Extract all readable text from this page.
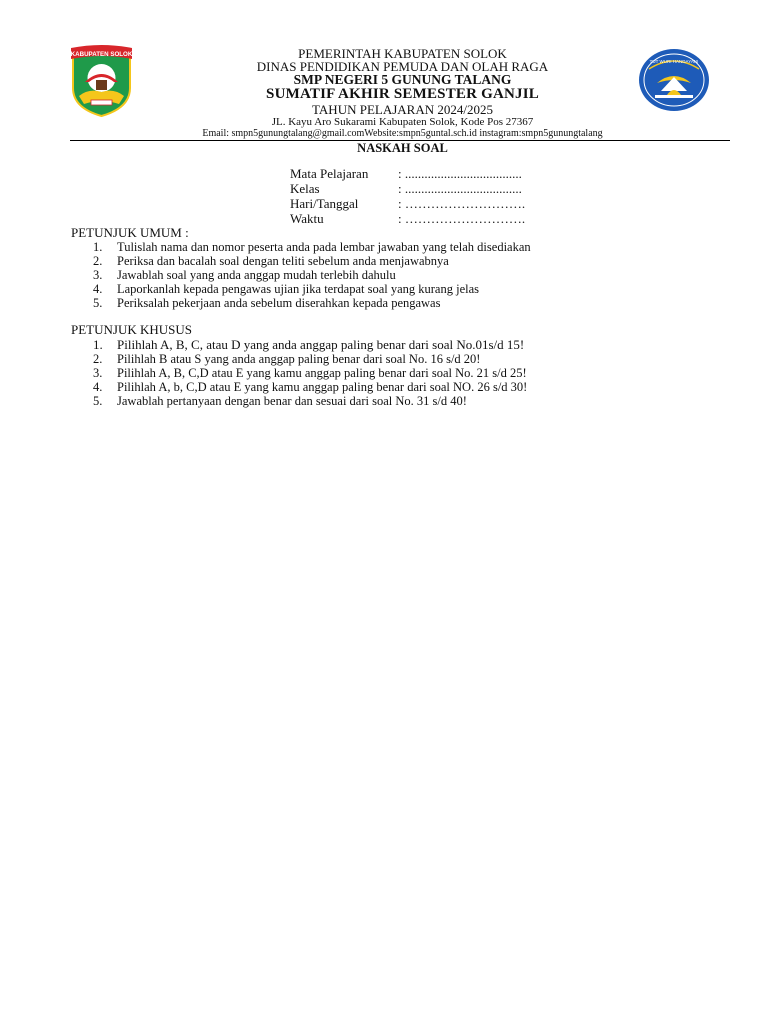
KABUPATEN SOLOK
TUT WURI HANDAYANI
PEMERINTAH KABUPATEN SOLOK
DINAS PENDIDIKAN PEMUDA DAN OLAH RAGA
SMP NEGERI 5 GUNUNG TALANG
SUMATIF AKHIR SEMESTER GANJIL
TAHUN PELAJARAN 2024/2025
JL. Kayu Aro Sukarami Kabupaten Solok, Kode Pos 27367
Email: smpn5gunungtalang@gmail.comWebsite:smpn5guntal.sch.id instagram:smpn5gunungtalang
NASKAH SOAL
Mata Pelajaran : ....................................
Kelas	: ....................................
Hari/Tanggal	: ……………………….
Waktu	: ……………………….
PETUNJUK UMUM :
1. Tulislah nama dan nomor peserta anda pada lembar jawaban yang telah disediakan
2. Periksa dan bacalah soal dengan teliti sebelum anda menjawabnya
3. Jawablah soal yang anda anggap mudah terlebih dahulu
4. Laporkanlah kepada pengawas ujian jika terdapat soal yang kurang jelas
5. Periksalah pekerjaan anda sebelum diserahkan kepada pengawas
PETUNJUK KHUSUS
1. Pilihlah A, B, C, atau D yang anda anggap paling benar dari soal No.01s/d 15!
2. Pilihlah B atau S yang anda anggap paling benar dari soal No. 16 s/d 20!
3. Pilihlah A, B, C,D atau E yang kamu anggap paling benar dari soal No. 21 s/d 25!
4. Pilihlah A, b, C,D atau E yang kamu anggap paling benar dari soal NO. 26 s/d 30!
5. Jawablah pertanyaan dengan benar dan sesuai dari soal No. 31 s/d 40!
